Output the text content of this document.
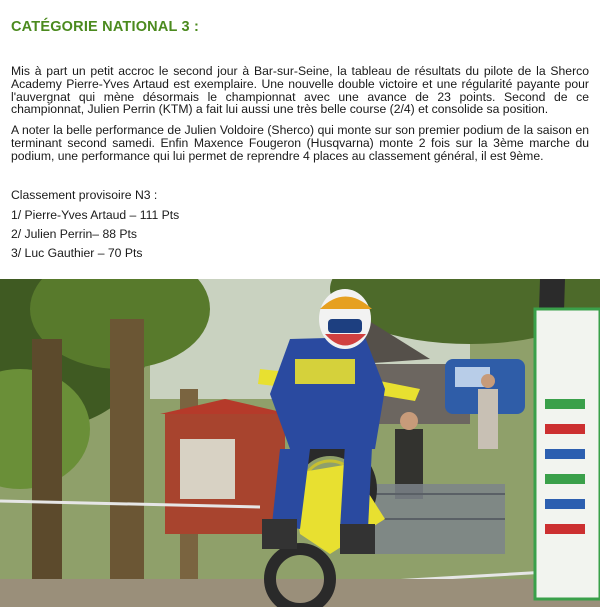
CATÉGORIE NATIONAL 3 :

Mis à part un petit accroc le second jour à Bar-sur-Seine, la tableau de résultats du pilote de la Sherco Academy Pierre-Yves Artaud est exemplaire. Une nouvelle double victoire et une régularité payante pour l'auvergnat qui mène désormais le championnat avec une avance de 23 points. Second de ce championnat, Julien Perrin (KTM) a fait lui aussi une très belle course (2/4) et consolide sa position.

A noter la belle performance de Julien Voldoire (Sherco) qui monte sur son premier podium de la saison en terminant second samedi. Enfin Maxence Fougeron (Husqvarna) monte 2 fois sur la 3ème marche du podium, une performance qui lui permet de reprendre 4 places au classement général, il est 9ème.

Classement provisoire N3 :
1/ Pierre-Yves Artaud – 111 Pts
2/ Julien Perrin– 88 Pts
3/ Luc Gauthier – 70 Pts
